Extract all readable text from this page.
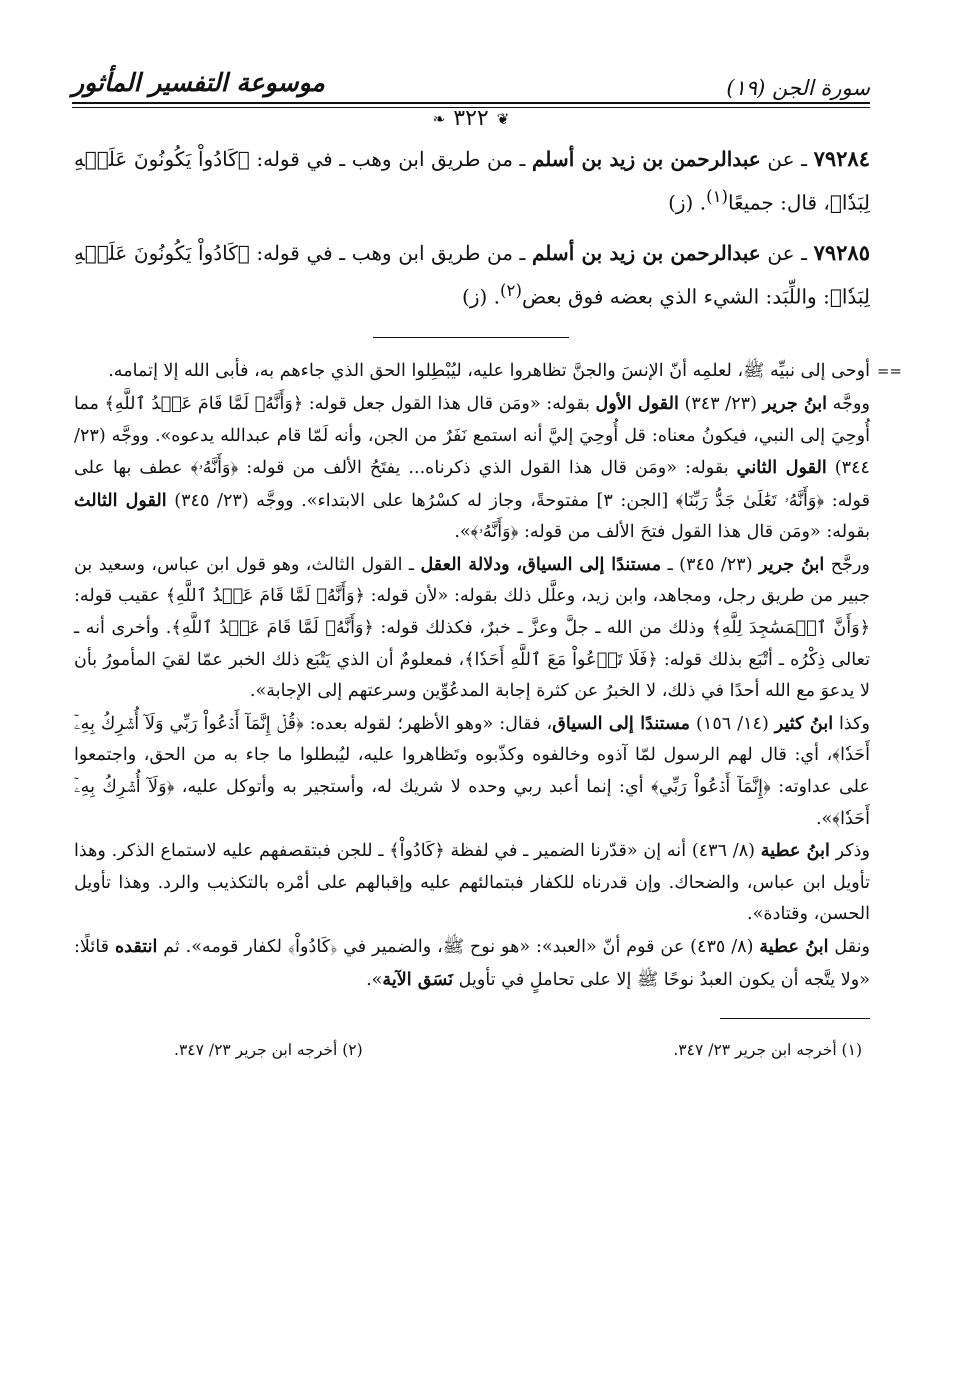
سورة الجن (١٩)
موسوعة التفسير المأثور
❦٣٢٢❧
٧٩٢٨٤ ـ عن عبدالرحمن بن زيد بن أسلم ـ من طريق ابن وهب ـ في قوله: ﴿كَادُواْ يَكُونُونَ عَلَيۡهِ لِبَدٗا﴾، قال: جميعًا$^{(١)}$. (ز)
٧٩٢٨٥ ـ عن عبدالرحمن بن زيد بن أسلم ـ من طريق ابن وهب ـ في قوله: ﴿كَادُواْ يَكُونُونَ عَلَيۡهِ لِبَدٗا﴾: واللِّبَد: الشيء الذي بعضه فوق بعض$^{(٢)}$. (ز)
==

أوحى إلى نبيِّه ﷺ، لعلمِه أنّ الإنسَ والجنَّ تظاهروا عليه، ليُبْطِلوا الحق الذي جاءهم به، فأبى الله إلا إتمامه.

ووجَّه ابنُ جرير (٢٣/ ٣٤٣) القول الأول بقوله: «ومَن قال هذا القول جعل قوله: ﴿وَأَنَّهُۥ لَمَّا قَامَ عَبۡدُ ٱللَّهِ﴾ مما أُوحِيَ إلى النبي، فيكونُ معناه: قل أُوحِيَ إليَّ أنه استمع نَفَرٌ من الجن، وأنه لَمّا قام عبدالله يدعوه». ووجَّه (٢٣/ ٣٤٤) القول الثاني بقوله: «ومَن قال هذا القول الذي ذكرناه... يفتَحُ الألف من قوله: ﴿وَأَنَّهُۥ﴾ عطف بها على قوله: ﴿وَأَنَّهُۥ تَعَٰلَىٰ جَدُّ رَبِّنَا﴾ [الجن: ٣] مفتوحةً، وجاز له كسْرُها على الابتداء». ووجَّه (٢٣/ ٣٤٥) القول الثالث بقوله: «ومَن قال هذا القول فتحَ الألف من قوله: ﴿وَأَنَّهُۥ﴾».

ورجَّح ابنُ جرير (٢٣/ ٣٤٥) ـ مستندًا إلى السياق، ودلالة العقل ـ القول الثالث، وهو قول ابن عباس، وسعيد بن جبير من طريق رجل، ومجاهد، وابن زيد، وعلَّل ذلك بقوله: «لأن قوله: ﴿وَأَنَّهُۥ لَمَّا قَامَ عَبۡدُ ٱللَّهِ﴾ عقيب قوله: ﴿وَأَنَّ ٱلۡمَسَٰجِدَ لِلَّهِ﴾ وذلك من الله ـ جلَّ وعزَّ ـ خبرٌ، فكذلك قوله: ﴿وَأَنَّهُۥ لَمَّا قَامَ عَبۡدُ ٱللَّهِ﴾. وأخرى أنه ـ تعالى ذِكْرُه ـ أتْبَع بذلك قوله: ﴿فَلَا تَدۡعُواْ مَعَ ٱللَّهِ أَحَدٗا﴾، فمعلومٌ أن الذي يَتْبَع ذلك الخبر عمّا لقيَ المأمورُ بأن لا يدعوَ مع الله أحدًا في ذلك، لا الخبرُ عن كثرة إجابة المدعُوِّين وسرعتهم إلى الإجابة».

وكذا ابنُ كثير (١٤/ ١٥٦) مستندًا إلى السياق، فقال: «وهو الأظهر؛ لقوله بعده: ﴿قُلۡ إِنَّمَآ أَدۡعُواْ رَبِّي وَلَآ أُشۡرِكُ بِهِۦٓ أَحَدٗا﴾، أي: قال لهم الرسول لمّا آذوه وخالفوه وكذّبوه وتَظاهروا عليه، ليُبطلوا ما جاء به من الحق، واجتمعوا على عداوته: ﴿إِنَّمَآ أَدۡعُواْ رَبِّي﴾ أي: إنما أعبد ربي وحده لا شريك له، وأستجير به وأتوكل عليه، ﴿وَلَآ أُشۡرِكُ بِهِۦٓ أَحَدٗا﴾».

وذكر ابنُ عطية (٨/ ٤٣٦) أنه إن «قدّرنا الضمير ـ في لفظة ﴿كَادُواْ﴾ ـ للجن فبتقصفهم عليه لاستماع الذكر. وهذا تأويل ابن عباس، والضحاك. وإن قدرناه للكفار فبتمالئهم عليه وإقبالهم على أمْره بالتكذيب والرد. وهذا تأويل الحسن، وقتادة».

ونقل ابنُ عطية (٨/ ٤٣٥) عن قوم أنّ «العبد»: «هو نوح ﷺ، والضمير في ﴿كَادُواْ﴾ لكفار قومه». ثم انتقده قائلًا: «ولا يتَّجه أن يكون العبدُ نوحًا ﷺ إلا على تحاملٍ في تأويل نَسَق الآية».

(١) أخرجه ابن جرير ٢٣/ ٣٤٧.
(٢) أخرجه ابن جرير ٢٣/ ٣٤٧.
